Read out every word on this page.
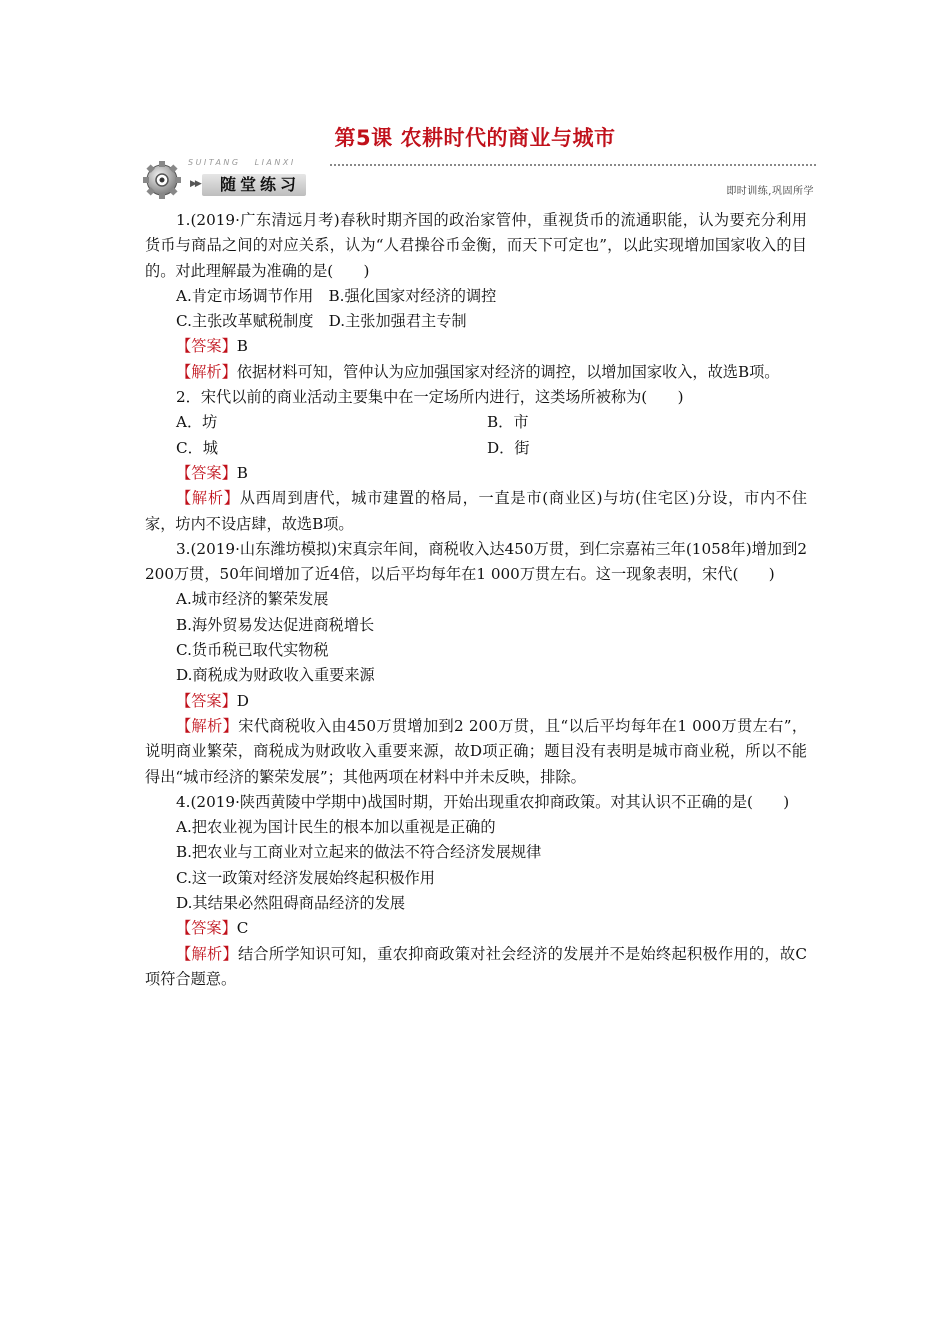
第5课 农耕时代的商业与城市
SUITANG LIANXI
▶▶	随堂练习	即时训练,巩固所学

1.(2019·广东清远月考)春秋时期齐国的政治家管仲，重视货币的流通职能，认为要充分利用货币与商品之间的对应关系，认为“人君操谷币金衡，而天下可定也”，以此实现增加国家收入的目的。对此理解最为准确的是(　　)

A.肯定市场调节作用　 B.强化国家对经济的调控

C.主张改革赋税制度　 D.主张加强君主专制

【答案】B

【解析】依据材料可知，管仲认为应加强国家对经济的调控，以增加国家收入，故选B项。

2．宋代以前的商业活动主要集中在一定场所内进行，这类场所被称为(　　)

A．坊	B．市

C．城	D．街

【答案】B

【解析】从西周到唐代，城市建置的格局，一直是市(商业区)与坊(住宅区)分设，市内不住家，坊内不设店肆，故选B项。

3.(2019·山东潍坊模拟)宋真宗年间，商税收入达450万贯，到仁宗嘉祐三年(1058年)增加到2 200万贯，50年间增加了近4倍，以后平均每年在1 000万贯左右。这一现象表明，宋代(　　)

A.城市经济的繁荣发展

B.海外贸易发达促进商税增长

C.货币税已取代实物税

D.商税成为财政收入重要来源

【答案】D

【解析】宋代商税收入由450万贯增加到2 200万贯，且“以后平均每年在1 000万贯左右”，说明商业繁荣，商税成为财政收入重要来源，故D项正确；题目没有表明是城市商业税，所以不能得出“城市经济的繁荣发展”；其他两项在材料中并未反映，排除。

4.(2019·陕西黄陵中学期中)战国时期，开始出现重农抑商政策。对其认识不正确的是(　　)

A.把农业视为国计民生的根本加以重视是正确的

B.把农业与工商业对立起来的做法不符合经济发展规律

C.这一政策对经济发展始终起积极作用

D.其结果必然阻碍商品经济的发展

【答案】C

【解析】结合所学知识可知，重农抑商政策对社会经济的发展并不是始终起积极作用的，故C项符合题意。
